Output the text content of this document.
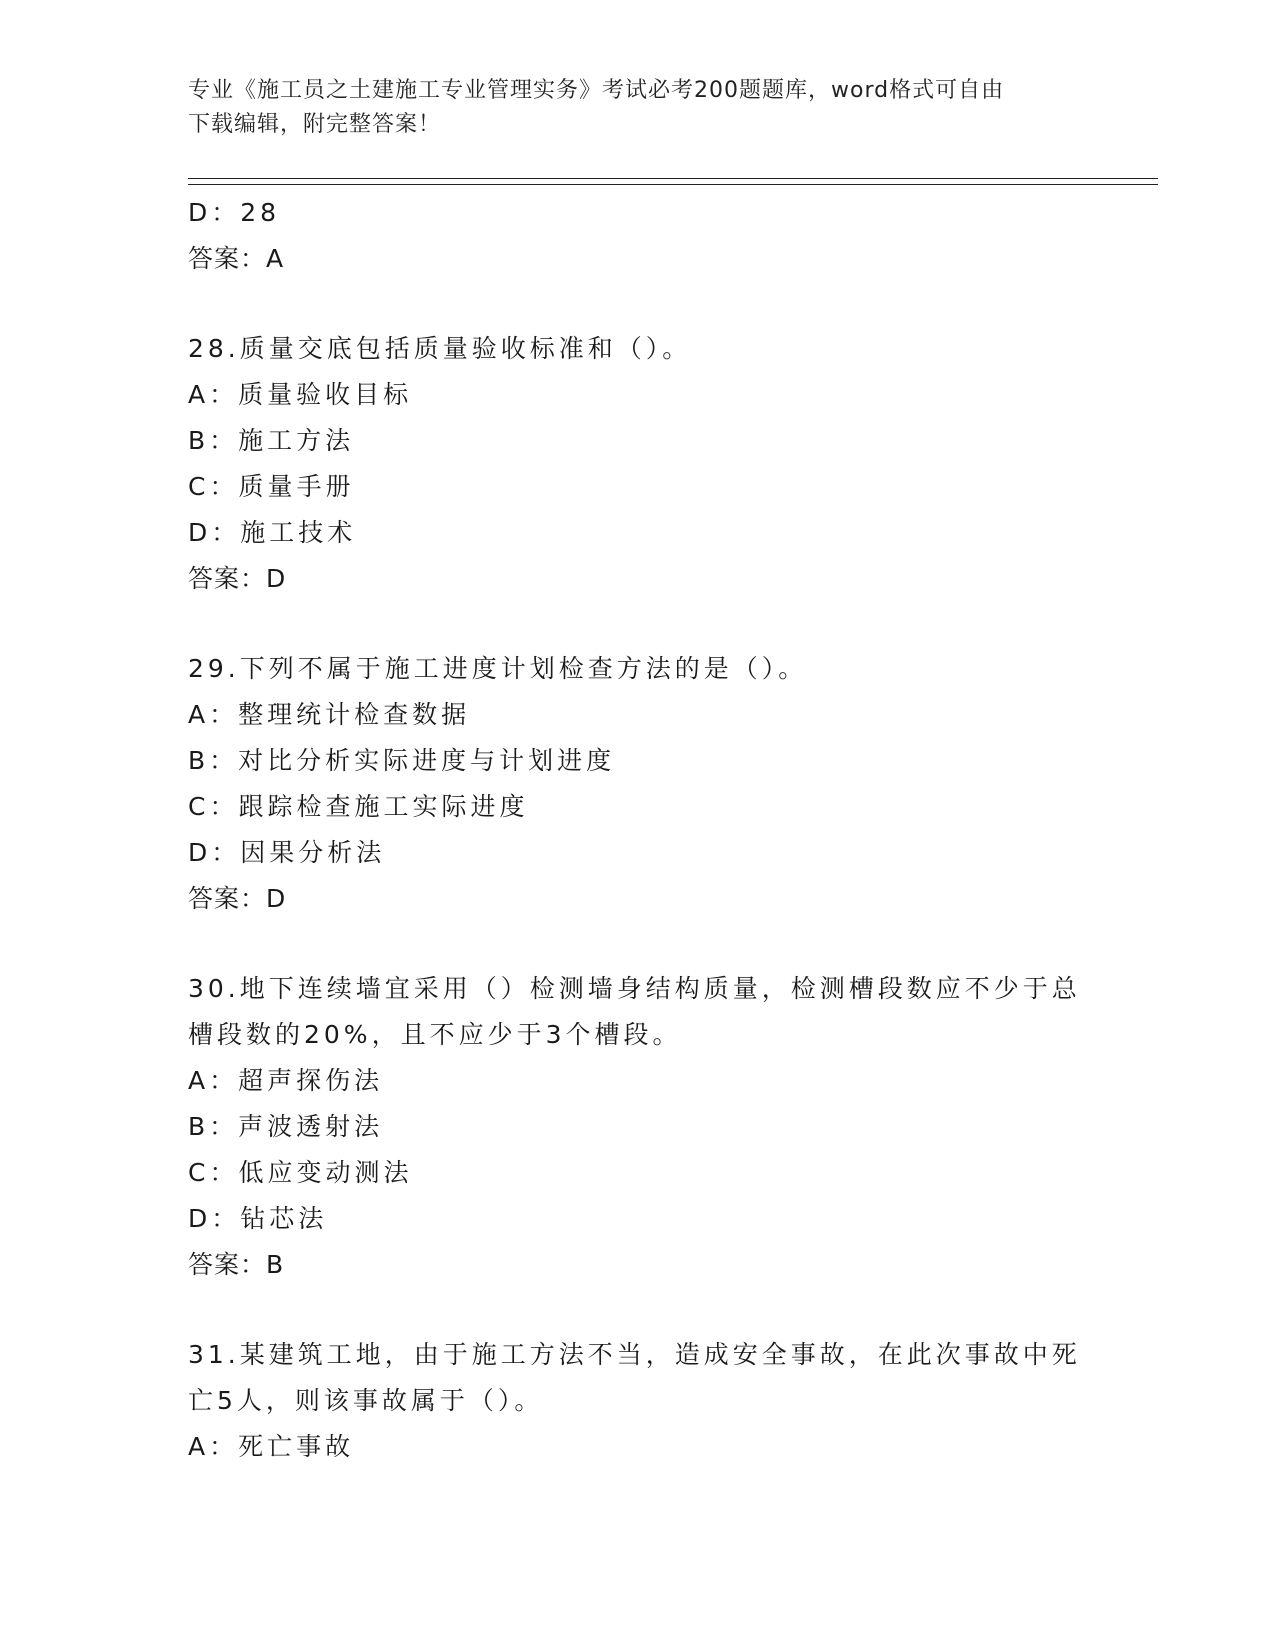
专业《施工员之土建施工专业管理实务》考试必考200题题库，word格式可自由
下载编辑，附完整答案！
D：28
答案：A
28.质量交底包括质量验收标准和（）。
A：质量验收目标
B：施工方法
C：质量手册
D：施工技术
答案：D
29.下列不属于施工进度计划检查方法的是（）。
A：整理统计检查数据
B：对比分析实际进度与计划进度
C：跟踪检查施工实际进度
D：因果分析法
答案：D
30.地下连续墙宜采用（）检测墙身结构质量，检测槽段数应不少于总
槽段数的20%，且不应少于3个槽段。
A：超声探伤法
B：声波透射法
C：低应变动测法
D：钻芯法
答案：B
31.某建筑工地，由于施工方法不当，造成安全事故，在此次事故中死
亡5人，则该事故属于（）。
A：死亡事故
